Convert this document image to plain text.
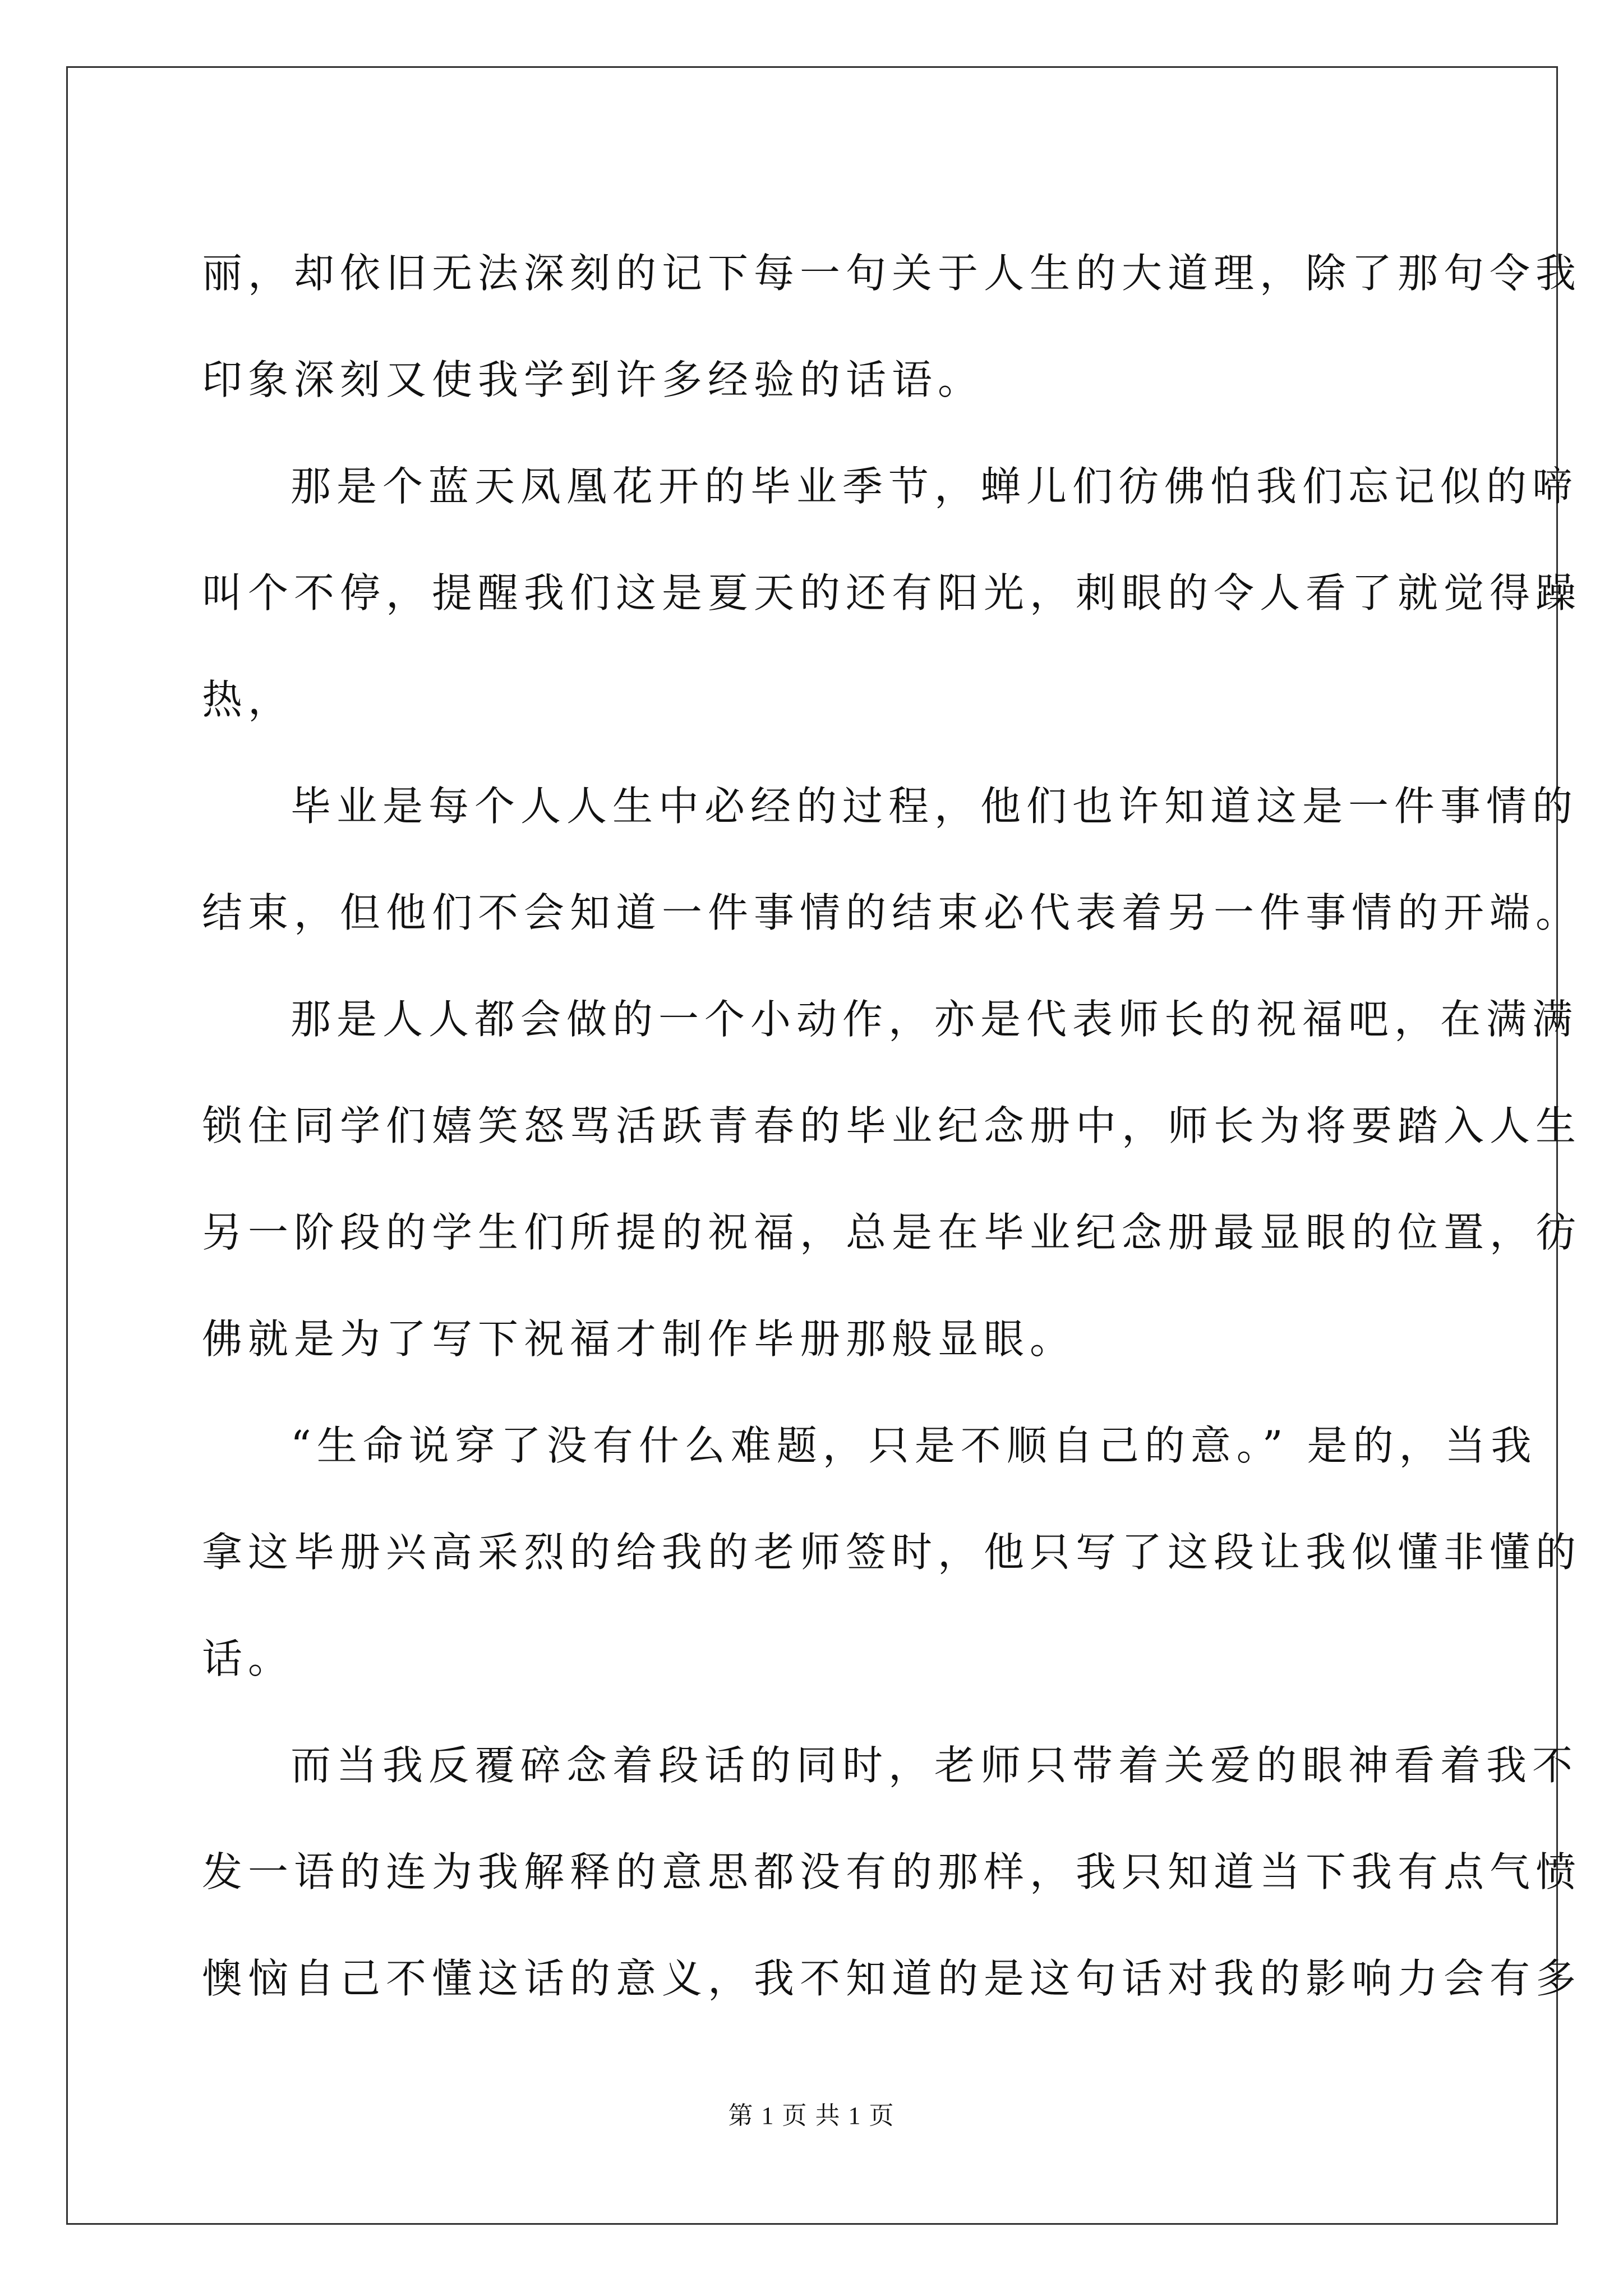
丽，却依旧无法深刻的记下每一句关于人生的大道理，除了那句令我
印象深刻又使我学到许多经验的话语。
那是个蓝天凤凰花开的毕业季节，蝉儿们彷佛怕我们忘记似的啼
叫个不停，提醒我们这是夏天的还有阳光，刺眼的令人看了就觉得躁
热，
毕业是每个人人生中必经的过程，他们也许知道这是一件事情的
结束，但他们不会知道一件事情的结束必代表着另一件事情的开端。
那是人人都会做的一个小动作，亦是代表师长的祝福吧，在满满
锁住同学们嬉笑怒骂活跃青春的毕业纪念册中，师长为将要踏入人生
另一阶段的学生们所提的祝福，总是在毕业纪念册最显眼的位置，彷
佛就是为了写下祝福才制作毕册那般显眼。
“生命说穿了没有什么难题，只是不顺自己的意。” 是的，当我
拿这毕册兴高采烈的给我的老师签时，他只写了这段让我似懂非懂的
话。
而当我反覆碎念着段话的同时，老师只带着关爱的眼神看着我不
发一语的连为我解释的意思都没有的那样，我只知道当下我有点气愤
懊恼自己不懂这话的意义，我不知道的是这句话对我的影响力会有多
第 1 页 共 1 页
